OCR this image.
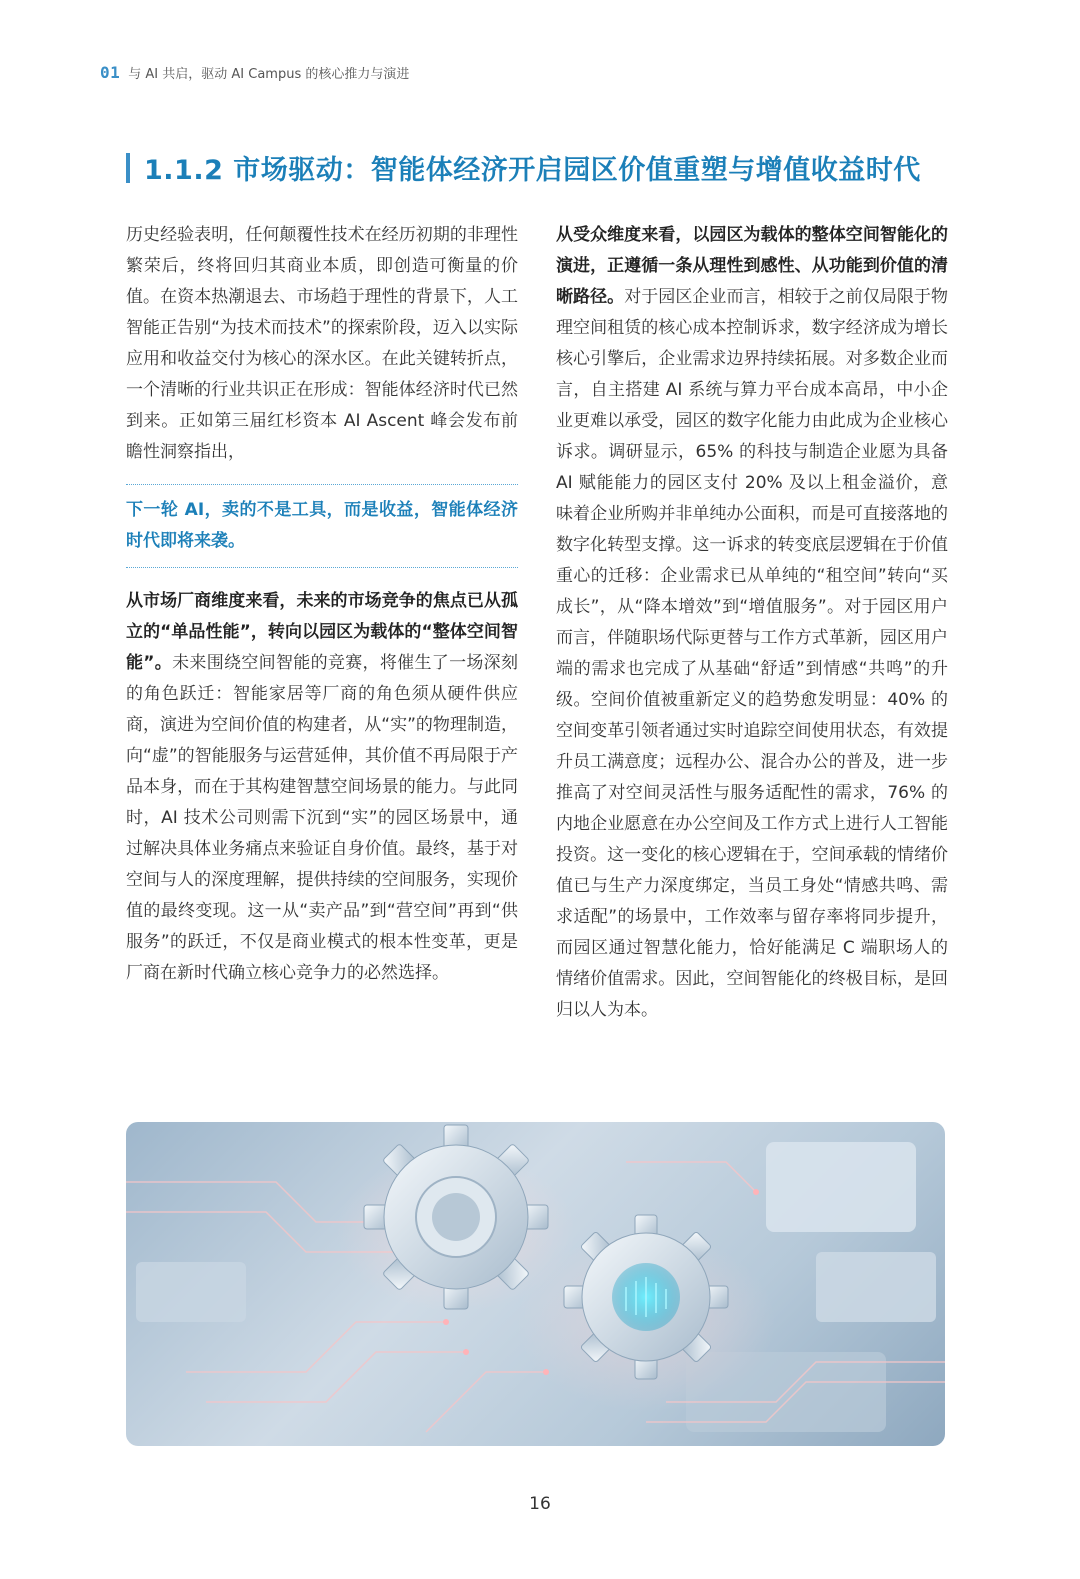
01 与 AI 共启，驱动 AI Campus 的核心推力与演进
1.1.2 市场驱动：智能体经济开启园区价值重塑与增值收益时代

历史经验表明，任何颠覆性技术在经历初期的非理性繁荣后，终将回归其商业本质，即创造可衡量的价值。在资本热潮退去、市场趋于理性的背景下，人工智能正告别“为技术而技术”的探索阶段，迈入以实际应用和收益交付为核心的深水区。在此关键转折点，一个清晰的行业共识正在形成：智能体经济时代已然到来。正如第三届红杉资本 AI Ascent 峰会发布前瞻性洞察指出，

下一轮 AI，卖的不是工具，而是收益，智能体经济时代即将来袭。

从市场厂商维度来看，未来的市场竞争的焦点已从孤立的“单品性能”，转向以园区为载体的“整体空间智能”。未来围绕空间智能的竞赛，将催生了一场深刻的角色跃迁：智能家居等厂商的角色须从硬件供应商，演进为空间价值的构建者，从“实”的物理制造，向“虚”的智能服务与运营延伸，其价值不再局限于产品本身，而在于其构建智慧空间场景的能力。与此同时，AI 技术公司则需下沉到“实”的园区场景中，通过解决具体业务痛点来验证自身价值。最终，基于对空间与人的深度理解，提供持续的空间服务，实现价值的最终变现。这一从“卖产品”到“营空间”再到“供服务”的跃迁，不仅是商业模式的根本性变革，更是厂商在新时代确立核心竞争力的必然选择。

从受众维度来看，以园区为载体的整体空间智能化的演进，正遵循一条从理性到感性、从功能到价值的清晰路径。对于园区企业而言，相较于之前仅局限于物理空间租赁的核心成本控制诉求，数字经济成为增长核心引擎后，企业需求边界持续拓展。对多数企业而言，自主搭建 AI 系统与算力平台成本高昂，中小企业更难以承受，园区的数字化能力由此成为企业核心诉求。调研显示，65% 的科技与制造企业愿为具备 AI 赋能能力的园区支付 20% 及以上租金溢价，意味着企业所购并非单纯办公面积，而是可直接落地的数字化转型支撑。这一诉求的转变底层逻辑在于价值重心的迁移：企业需求已从单纯的“租空间”转向“买成长”，从“降本增效”到“增值服务”。对于园区用户而言，伴随职场代际更替与工作方式革新，园区用户端的需求也完成了从基础“舒适”到情感“共鸣”的升级。空间价值被重新定义的趋势愈发明显：40% 的空间变革引领者通过实时追踪空间使用状态，有效提升员工满意度；远程办公、混合办公的普及，进一步推高了对空间灵活性与服务适配性的需求，76% 的内地企业愿意在办公空间及工作方式上进行人工智能投资。这一变化的核心逻辑在于，空间承载的情绪价值已与生产力深度绑定，当员工身处“情感共鸣、需求适配”的场景中，工作效率与留存率将同步提升，而园区通过智慧化能力，恰好能满足 C 端职场人的情绪价值需求。因此，空间智能化的终极目标，是回归以人为本。

16
